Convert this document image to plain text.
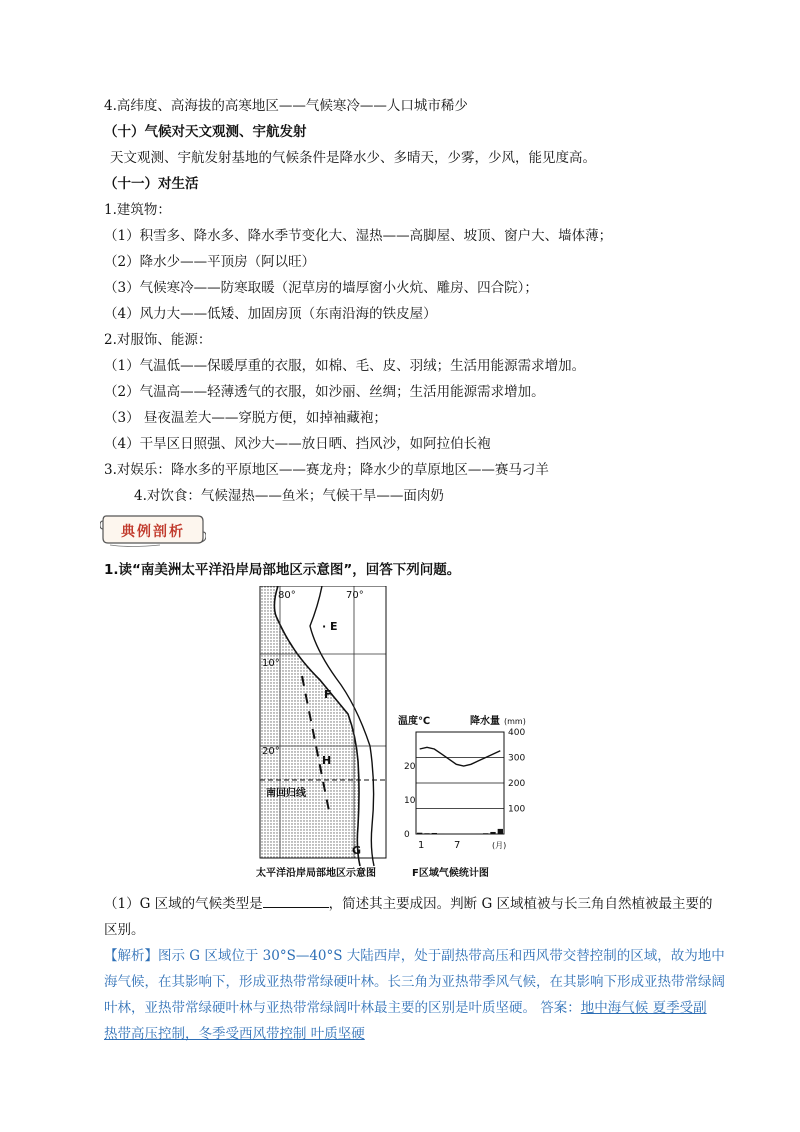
4.高纬度、高海拔的高寒地区——气候寒冷——人口城市稀少
（十）气候对天文观测、宇航发射
天文观测、宇航发射基地的气候条件是降水少、多晴天，少雾，少风，能见度高。
（十一）对生活
1.建筑物：
（1）积雪多、降水多、降水季节变化大、湿热——高脚屋、坡顶、窗户大、墙体薄；
（2）降水少——平顶房（阿以旺）
（3）气候寒冷——防寒取暖（泥草房的墙厚窗小火炕、雕房、四合院）；
（4）风力大——低矮、加固房顶（东南沿海的铁皮屋）
2.对服饰、能源：
（1）气温低——保暖厚重的衣服，如棉、毛、皮、羽绒；生活用能源需求增加。
（2）气温高——轻薄透气的衣服，如沙丽、丝绸；生活用能源需求增加。
（3） 昼夜温差大——穿脱方便，如掉袖藏袍；
（4）干旱区日照强、风沙大——放日晒、挡风沙，如阿拉伯长袍
3.对娱乐：降水多的平原地区——赛龙舟；降水少的草原地区——赛马刁羊
4.对饮食：气候湿热——鱼米；气候干旱——面肉奶
典例剖析
1.读“南美洲太平洋沿岸局部地区示意图”，回答下列问题。
80°	70°
10°
20°
南回归线
· E
F
H
G
太平洋沿岸局部地区示意图
温度℃	降水量 (mm)
100
200
300
400
0
10
20
1	7	(月)
F区域气候统计图
（1）G 区域的气候类型是	，简述其主要成因。判断 G 区域植被与长三角自然植被最主要的
区别。
【解析】图示 G 区域位于 30°S—40°S 大陆西岸，处于副热带高压和西风带交替控制的区域，故为地中
海气候，在其影响下，形成亚热带常绿硬叶林。长三角为亚热带季风气候，在其影响下形成亚热带常绿阔
叶林，亚热带常绿硬叶林与亚热带常绿阔叶林最主要的区别是叶质坚硬。 答案：地中海气候 夏季受副
热带高压控制，冬季受西风带控制 叶质坚硬
